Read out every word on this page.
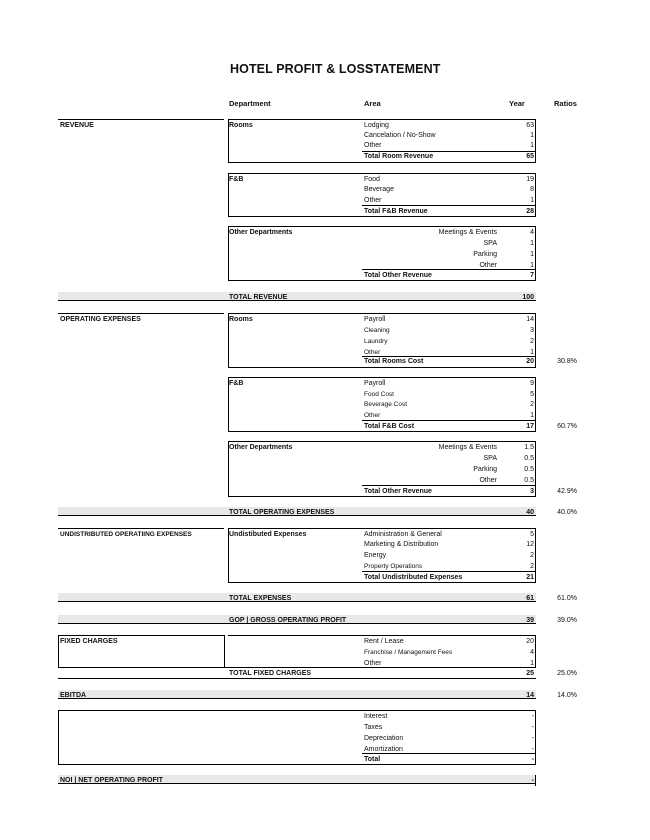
HOTEL PROFIT & LOSS
STATEMENT
Department	Area	Year	Ratios
REVENUE	Rooms	Lodging	63
Cancelation / No-Show	1
Other	1
Total Room Revenue	65
F&B	Food	19
Beverage	8
Other	1
Total F&B Revenue	28
Other Departments	Meetings & Events	4
SPA	1
Parking	1
Other	1
Total Other Revenue	7
TOTAL REVENUE	100
OPERATING EXPENSES	Rooms	Payroll	14
Cleaning	3
Laundry	2
Other	1
Total Rooms Cost	20	30.8%
F&B	Payroll	9
Food Cost	5
Beverage Cost	2
Other	1
Total F&B Cost	17	60.7%
Other Departments	Meetings & Events	1.5
SPA	0.5
Parking	0.5
Other	0.5
Total Other Revenue	3	42.9%
TOTAL OPERATING EXPENSES	40	40.0%
UNDISTRIBUTED OPERATIING EXPENSES	Undistibuted Expenses	Administration & General	5
Marketing & Distribution	12
Energy	2
Property Operations	2
Total Undistributed Expenses	21
TOTAL EXPENSES	61	61.0%
GOP | GROSS OPERATING PROFIT	39	39.0%
FIXED CHARGES	Rent / Lease	20
Franchise / Management Fees	4
Other	1
TOTAL FIXED CHARGES	25	25.0%
EBITDA	14	14.0%
Interest	-
Taxes	-
Depreciation	-
Amortization	-
Total	-
NOI | NET OPERATING PROFIT	-
